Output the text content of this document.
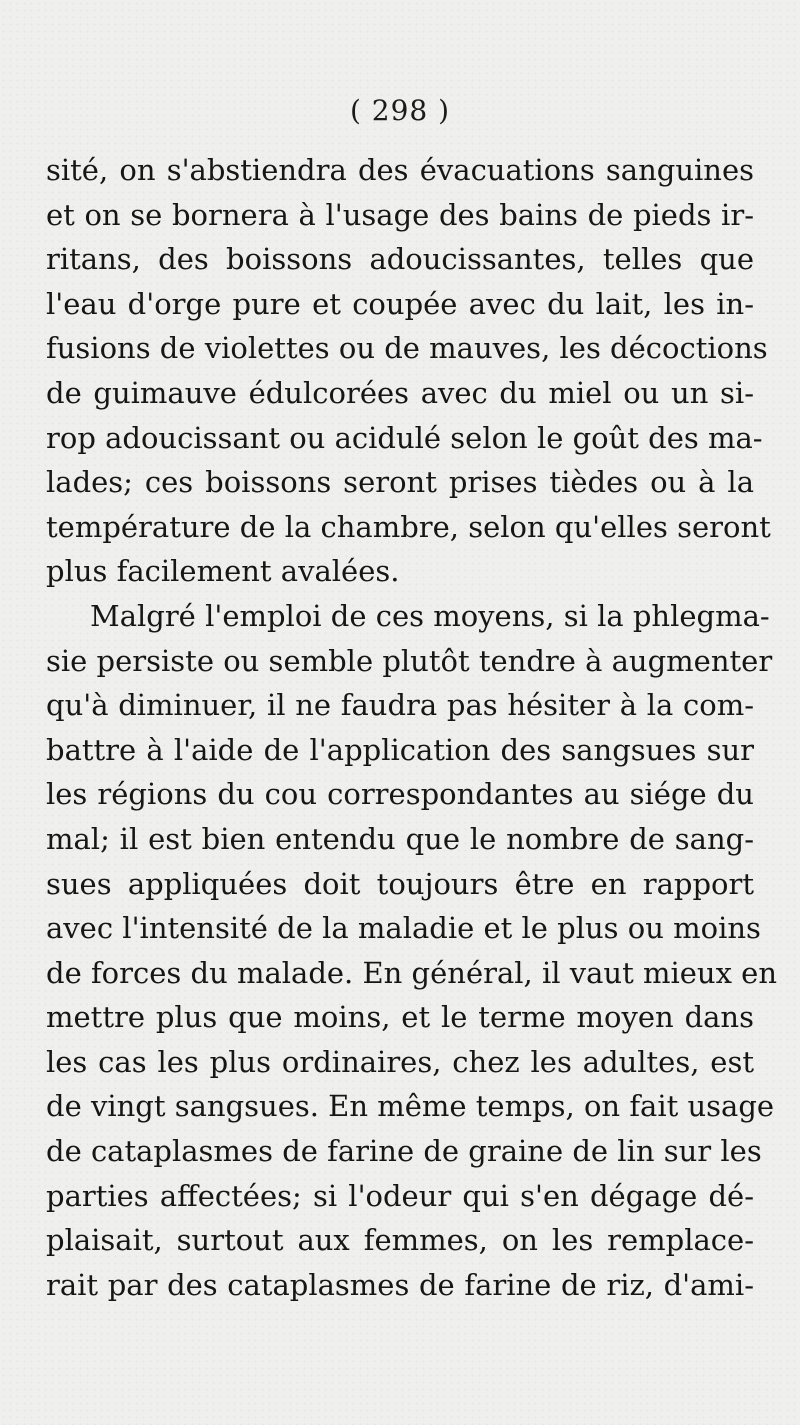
( 298 )
sité, on s'abstiendra des évacuations sanguines
et on se bornera à l'usage des bains de pieds ir-
ritans, des boissons adoucissantes, telles que
l'eau d'orge pure et coupée avec du lait, les in-
fusions de violettes ou de mauves, les décoctions
de guimauve édulcorées avec du miel ou un si-
rop adoucissant ou acidulé selon le goût des ma-
lades; ces boissons seront prises tièdes ou à la
température de la chambre, selon qu'elles seront
plus facilement avalées.
Malgré l'emploi de ces moyens, si la phlegma-
sie persiste ou semble plutôt tendre à augmenter
qu'à diminuer, il ne faudra pas hésiter à la com-
battre à l'aide de l'application des sangsues sur
les régions du cou correspondantes au siége du
mal; il est bien entendu que le nombre de sang-
sues appliquées doit toujours être en rapport
avec l'intensité de la maladie et le plus ou moins
de forces du malade. En général, il vaut mieux en
mettre plus que moins, et le terme moyen dans
les cas les plus ordinaires, chez les adultes, est
de vingt sangsues. En même temps, on fait usage
de cataplasmes de farine de graine de lin sur les
parties affectées; si l'odeur qui s'en dégage dé-
plaisait, surtout aux femmes, on les remplace-
rait par des cataplasmes de farine de riz, d'ami-
